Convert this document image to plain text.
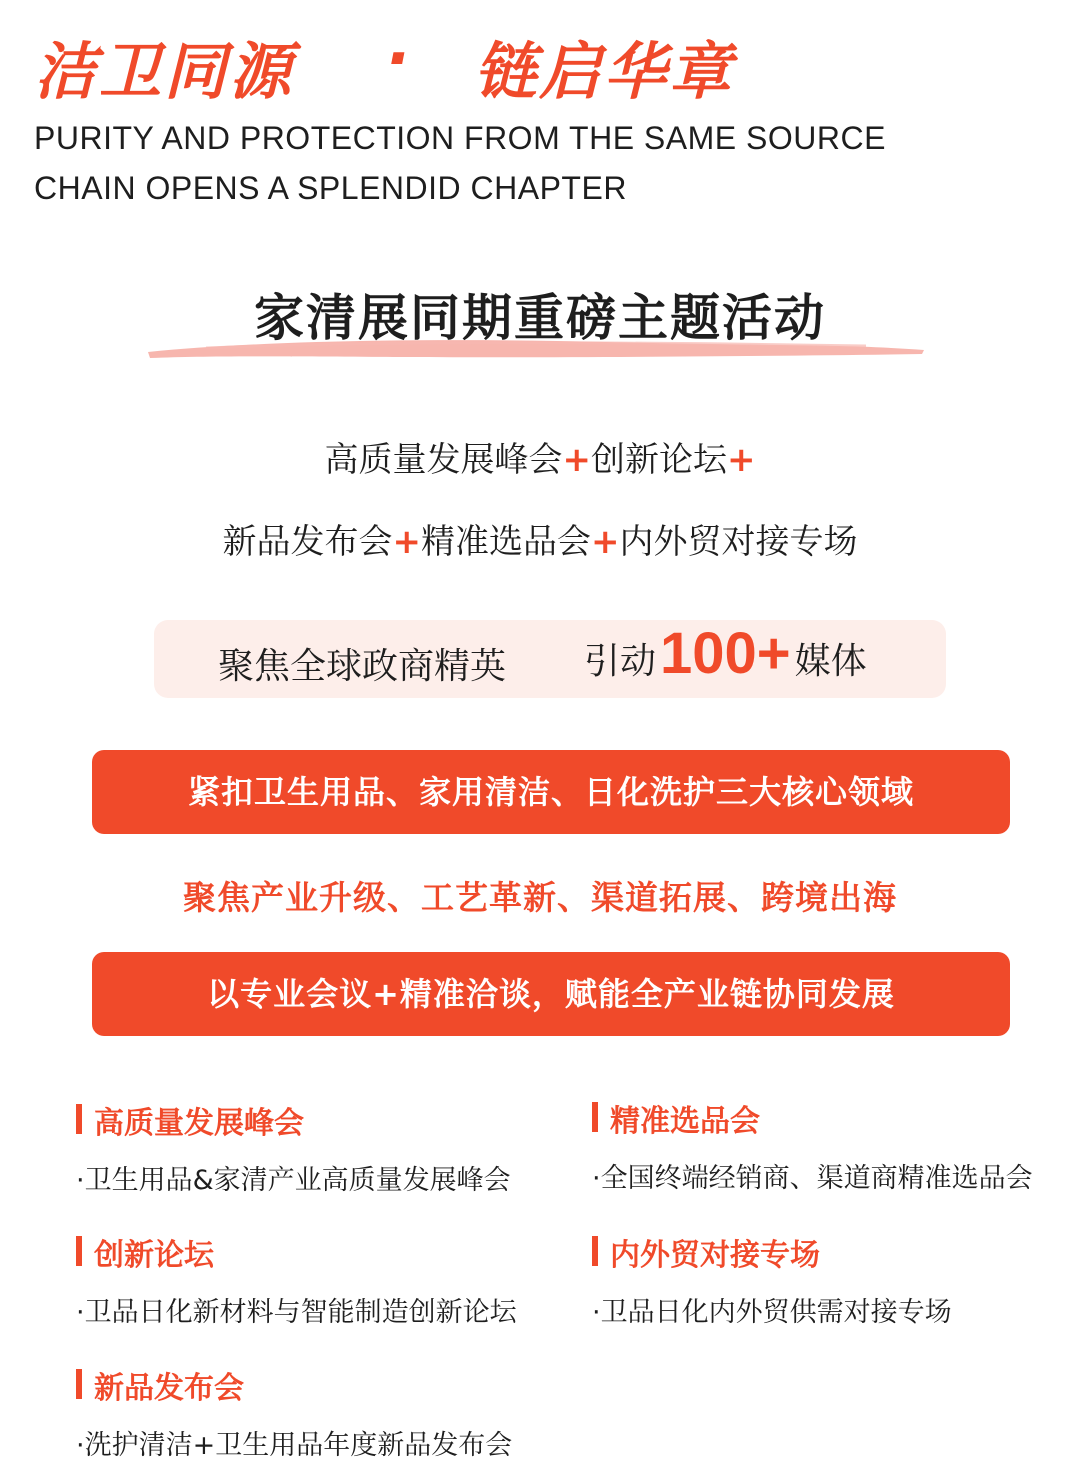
洁卫同源 · 链启华章
PURITY AND PROTECTION FROM THE SAME SOURCE
CHAIN OPENS A SPLENDID CHAPTER
家清展同期重磅主题活动
高质量发展峰会+创新论坛+
新品发布会+精准选品会+内外贸对接专场
聚焦全球政商精英 引动 100+ 媒体
紧扣卫生用品、家用清洁、日化洗护三大核心领域
聚焦产业升级、工艺革新、渠道拓展、跨境出海
以专业会议+精准洽谈，赋能全产业链协同发展
高质量发展峰会
·卫生用品&家清产业高质量发展峰会
精准选品会
·全国终端经销商、渠道商精准选品会
创新论坛
·卫品日化新材料与智能制造创新论坛
内外贸对接专场
·卫品日化内外贸供需对接专场
新品发布会
·洗护清洁+卫生用品年度新品发布会
